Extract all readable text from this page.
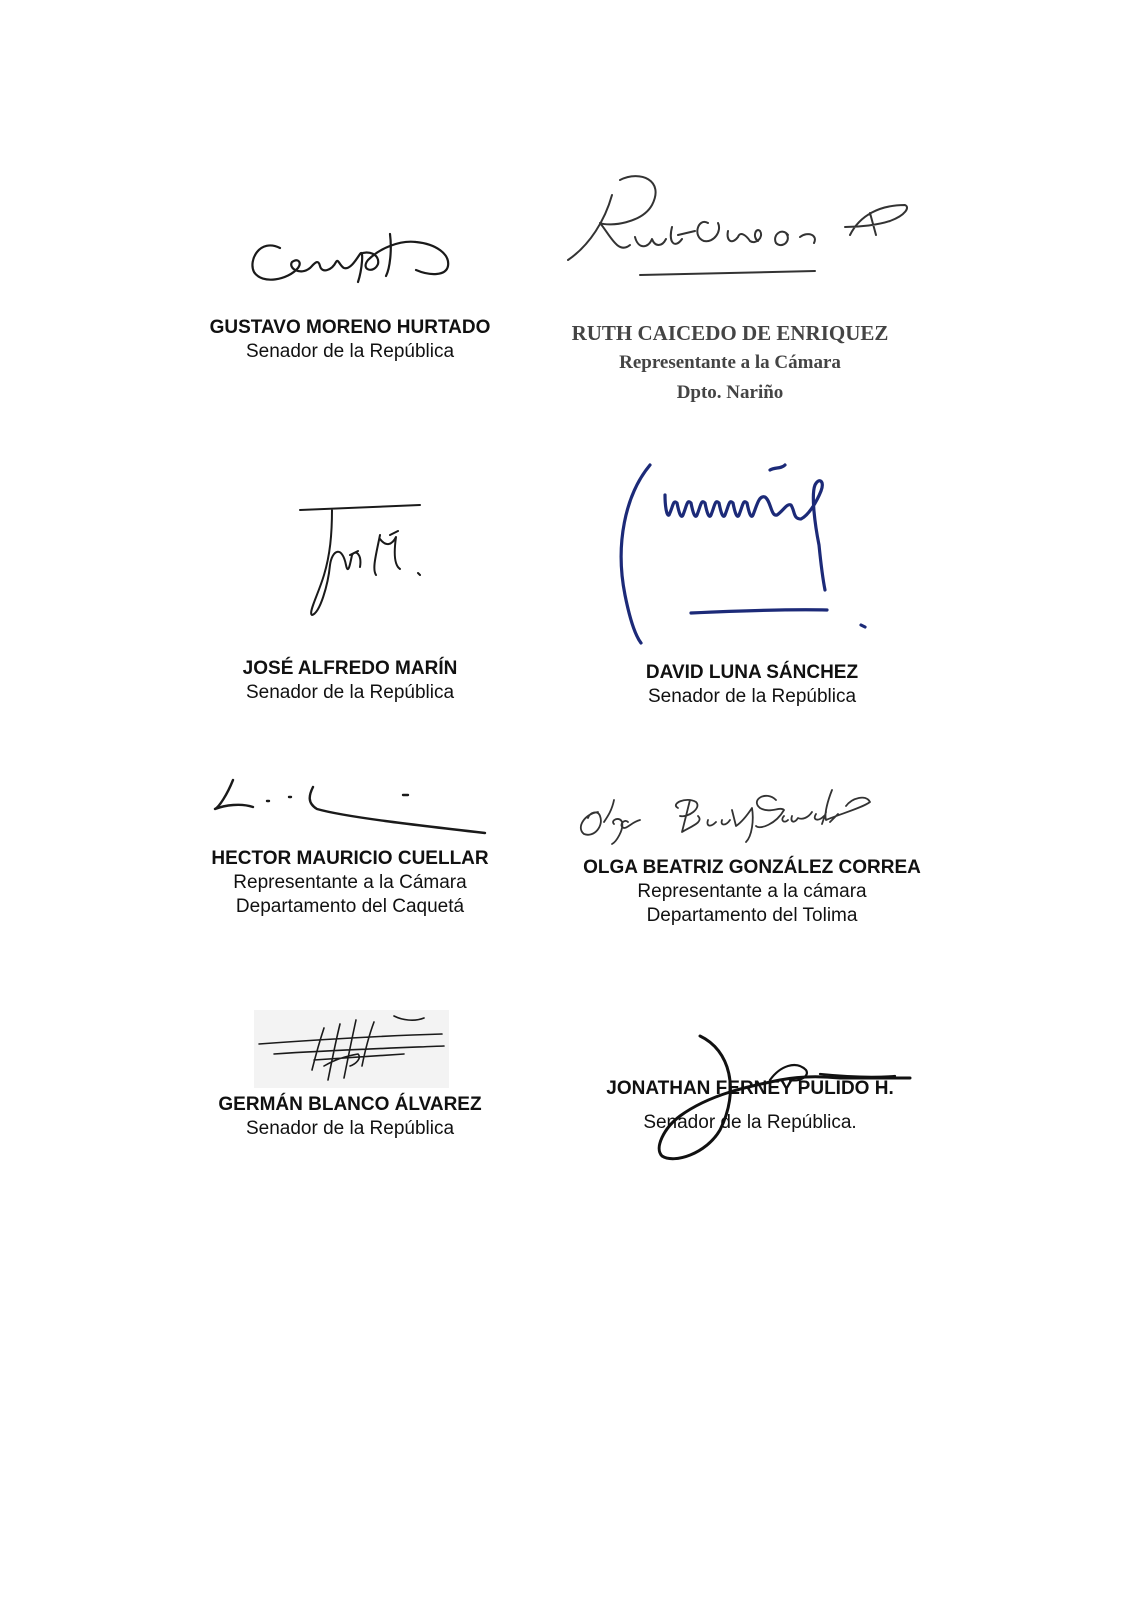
GUSTAVO MORENO HURTADO
Senador de la República
RUTH CAICEDO DE ENRIQUEZ
Representante a la Cámara
Dpto. Nariño
JOSÉ ALFREDO MARÍN
Senador de la República
DAVID LUNA SÁNCHEZ
Senador de la República
HECTOR MAURICIO CUELLAR
Representante a la Cámara
Departamento del Caquetá
OLGA BEATRIZ GONZÁLEZ CORREA
Representante a la cámara
Departamento del Tolima
GERMÁN BLANCO ÁLVAREZ
Senador de la República
JONATHAN FERNEY PULIDO H.
Senador de la República.
